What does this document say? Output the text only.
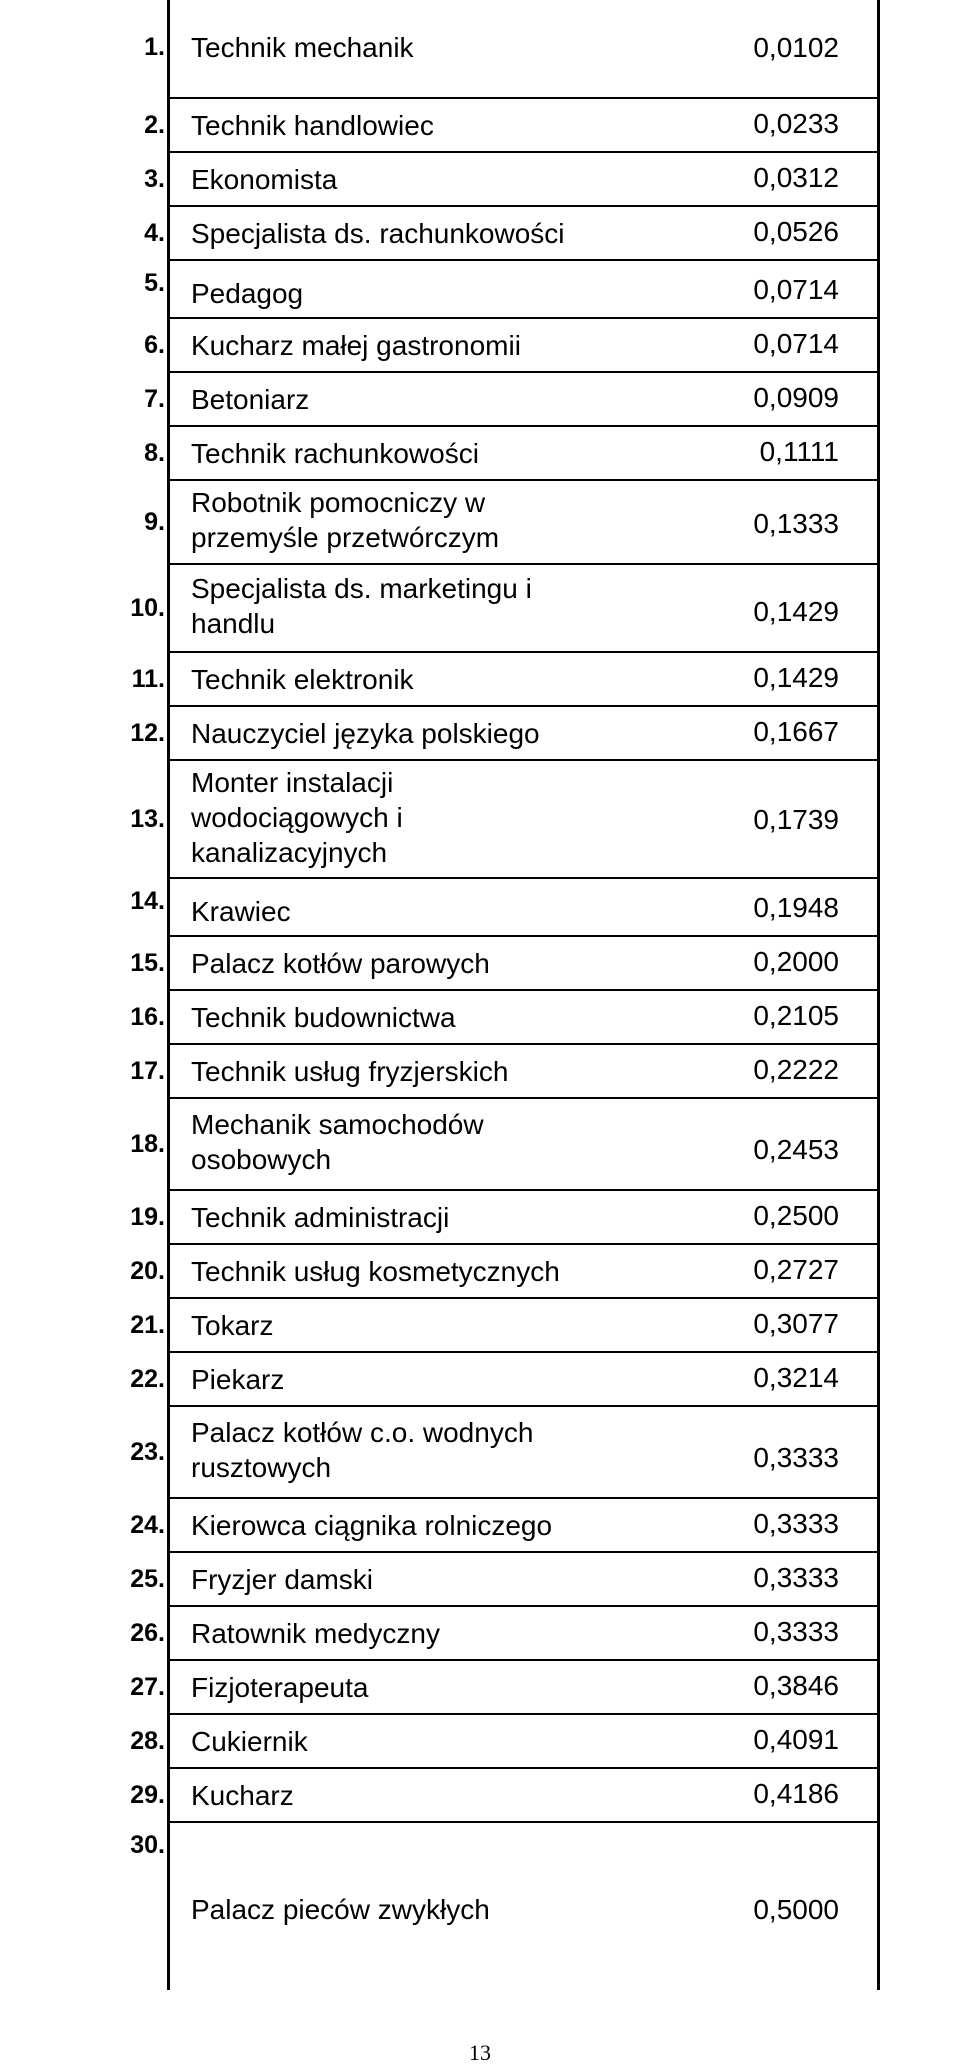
1. Technik mechanik	0,0102
2. Technik handlowiec	0,0233
3. Ekonomista	0,0312
4. Specjalista ds. rachunkowości	0,0526
5. Pedagog	0,0714
6. Kucharz małej gastronomii	0,0714
7. Betoniarz	0,0909
8. Technik rachunkowości	0,1111
9.
Robotnik pomocniczy w
przemyśle przetwórczym	0,1333
10.
Specjalista ds. marketingu i
handlu	0,1429
11. Technik elektronik	0,1429
12. Nauczyciel języka polskiego	0,1667
13.
Monter instalacji
wodociągowych i
kanalizacyjnych
0,1739
14. Krawiec	0,1948
15. Palacz kotłów parowych	0,2000
16. Technik budownictwa	0,2105
17. Technik usług fryzjerskich	0,2222
18.
Mechanik samochodów
osobowych	0,2453
19. Technik administracji	0,2500
20. Technik usług kosmetycznych	0,2727
21. Tokarz	0,3077
22. Piekarz	0,3214
23.
Palacz kotłów c.o. wodnych
rusztowych	0,3333
24. Kierowca ciągnika rolniczego	0,3333
25. Fryzjer damski	0,3333
26. Ratownik medyczny	0,3333
27. Fizjoterapeuta	0,3846
28. Cukiernik	0,4091
29. Kucharz	0,4186
30.
Palacz pieców zwykłych	0,5000
13
